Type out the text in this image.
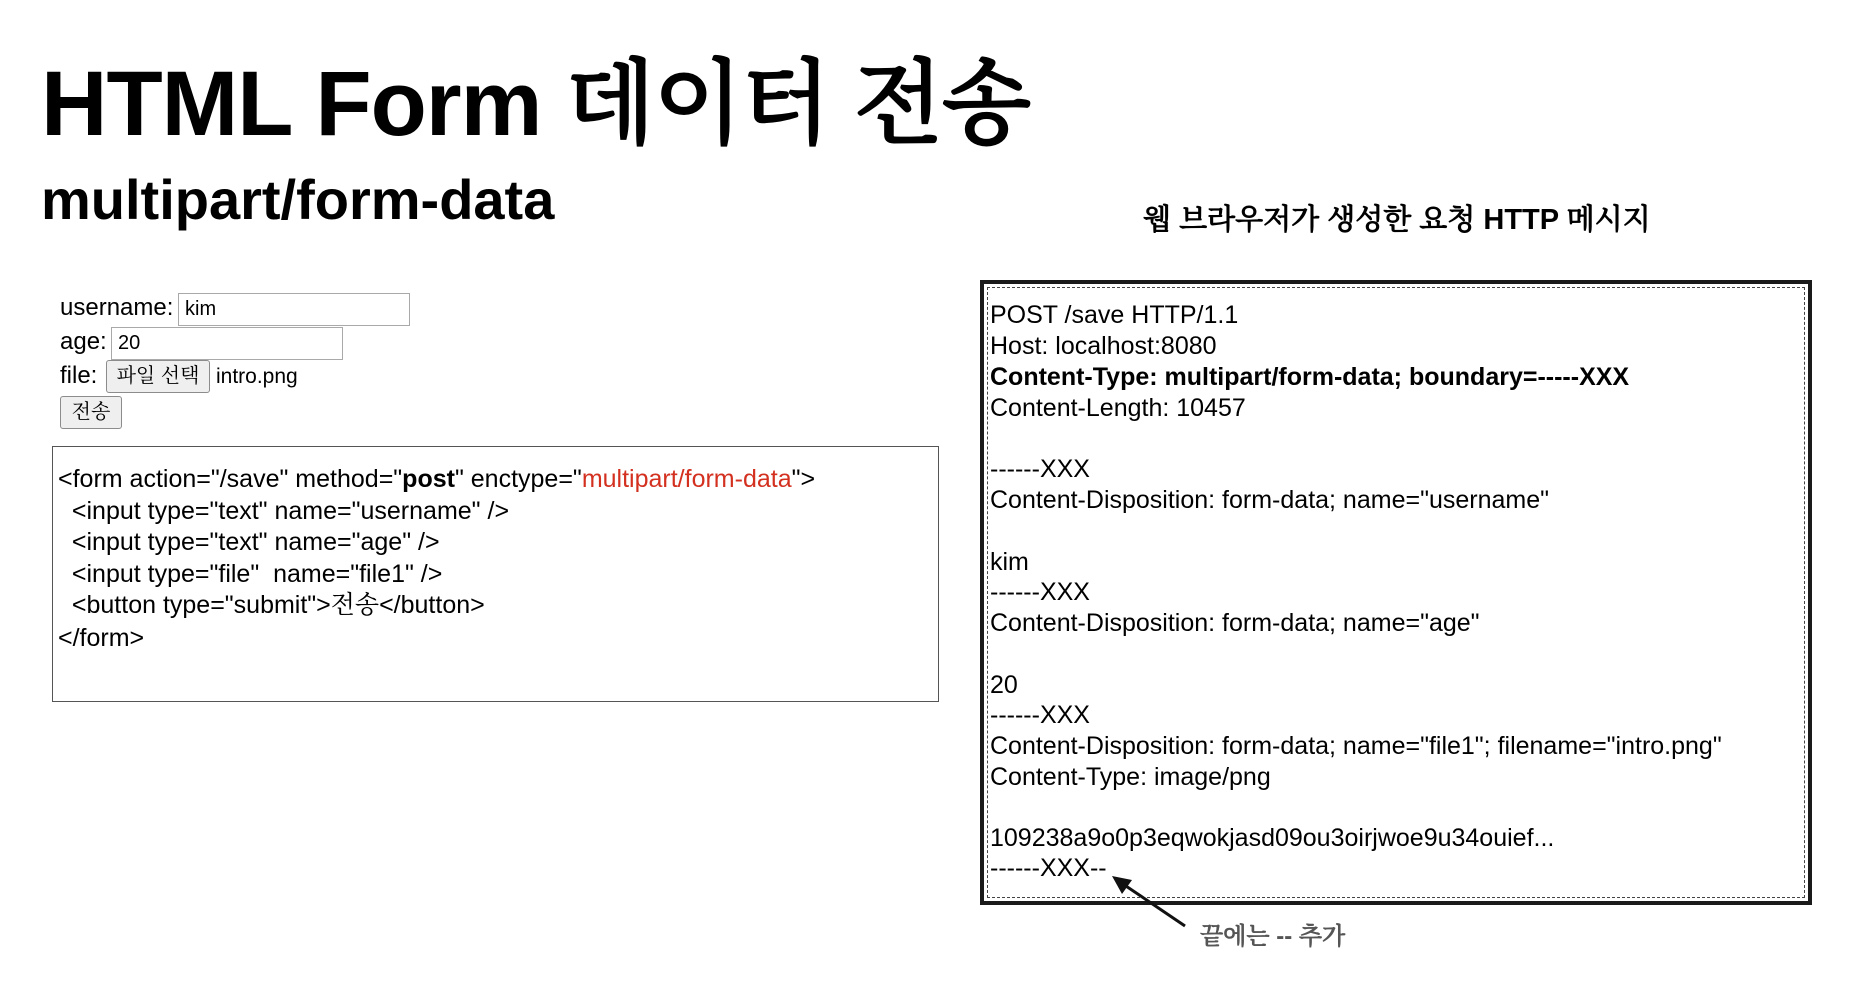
HTML Form 데이터 전송
multipart/form-data
username: kim
age: 20
file: 파일 선택 intro.png
전송
<form action="/save" method="post" enctype="multipart/form-data">
<input type="text" name="username" />
<input type="text" name="age" />
<input type="file"  name="file1" />
<button type="submit">전송</button>
</form>
웹 브라우저가 생성한 요청 HTTP 메시지
POST /save HTTP/1.1
Host: localhost:8080
Content-Type: multipart/form-data; boundary=-----XXX
Content-Length: 10457
------XXX
Content-Disposition: form-data; name="username"
kim
------XXX
Content-Disposition: form-data; name="age"
20
------XXX
Content-Disposition: form-data; name="file1"; filename="intro.png"
Content-Type: image/png
109238a9o0p3eqwokjasd09ou3oirjwoe9u34ouief...
------XXX--
끝에는 -- 추가
